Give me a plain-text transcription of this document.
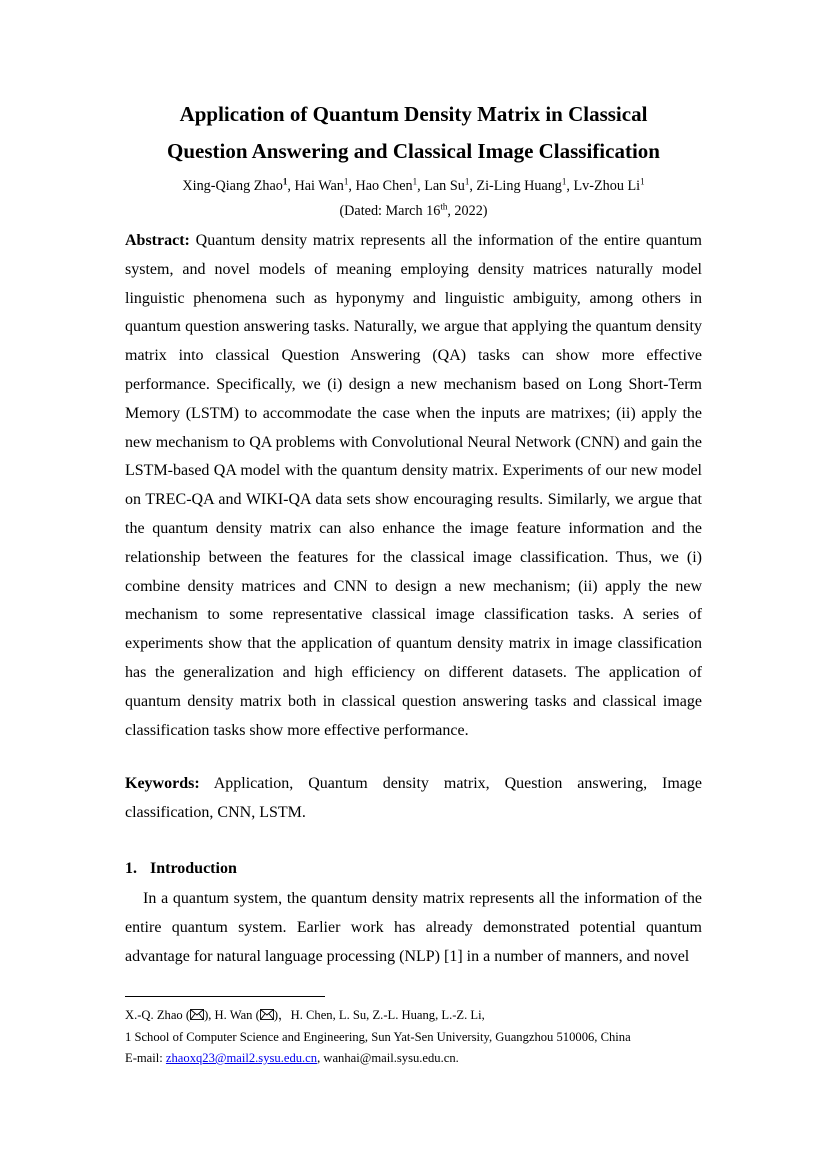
Application of Quantum Density Matrix in Classical
Question Answering and Classical Image Classification
Xing-Qiang Zhao$^1$, Hai Wan$^1$, Hao Chen$^1$, Lan Su$^1$, Zi-Ling Huang$^1$, Lv-Zhou Li$^1$
(Dated: March 16th, 2022)

Abstract: Quantum density matrix represents all the information of the entire quantum system, and novel models of meaning employing density matrices naturally model linguistic phenomena such as hyponymy and linguistic ambiguity, among others in quantum question answering tasks. Naturally, we argue that applying the quantum density matrix into classical Question Answering (QA) tasks can show more effective performance. Specifically, we (i) design a new mechanism based on Long Short-Term Memory (LSTM) to accommodate the case when the inputs are matrixes; (ii) apply the new mechanism to QA problems with Convolutional Neural Network (CNN) and gain the LSTM-based QA model with the quantum density matrix. Experiments of our new model on TREC-QA and WIKI-QA data sets show encouraging results. Similarly, we argue that the quantum density matrix can also enhance the image feature information and the relationship between the features for the classical image classification. Thus, we (i) combine density matrices and CNN to design a new mechanism; (ii) apply the new mechanism to some representative classical image classification tasks. A series of experiments show that the application of quantum density matrix in image classification has the generalization and high efficiency on different datasets. The application of quantum density matrix both in classical question answering tasks and classical image classification tasks show more effective performance.

Keywords: Application, Quantum density matrix, Question answering, Image classification, CNN, LSTM.

1. Introduction

In a quantum system, the quantum density matrix represents all the information of the entire quantum system. Earlier work has already demonstrated potential quantum advantage for natural language processing (NLP) [1] in a number of manners, and novel

X.-Q. Zhao ( ), H. Wan ( )，H. Chen, L. Su, Z.-L. Huang, L.-Z. Li,
1 School of Computer Science and Engineering, Sun Yat-Sen University, Guangzhou 510006, China
E-mail: zhaoxq23@mail2.sysu.edu.cn, wanhai@mail.sysu.edu.cn.
